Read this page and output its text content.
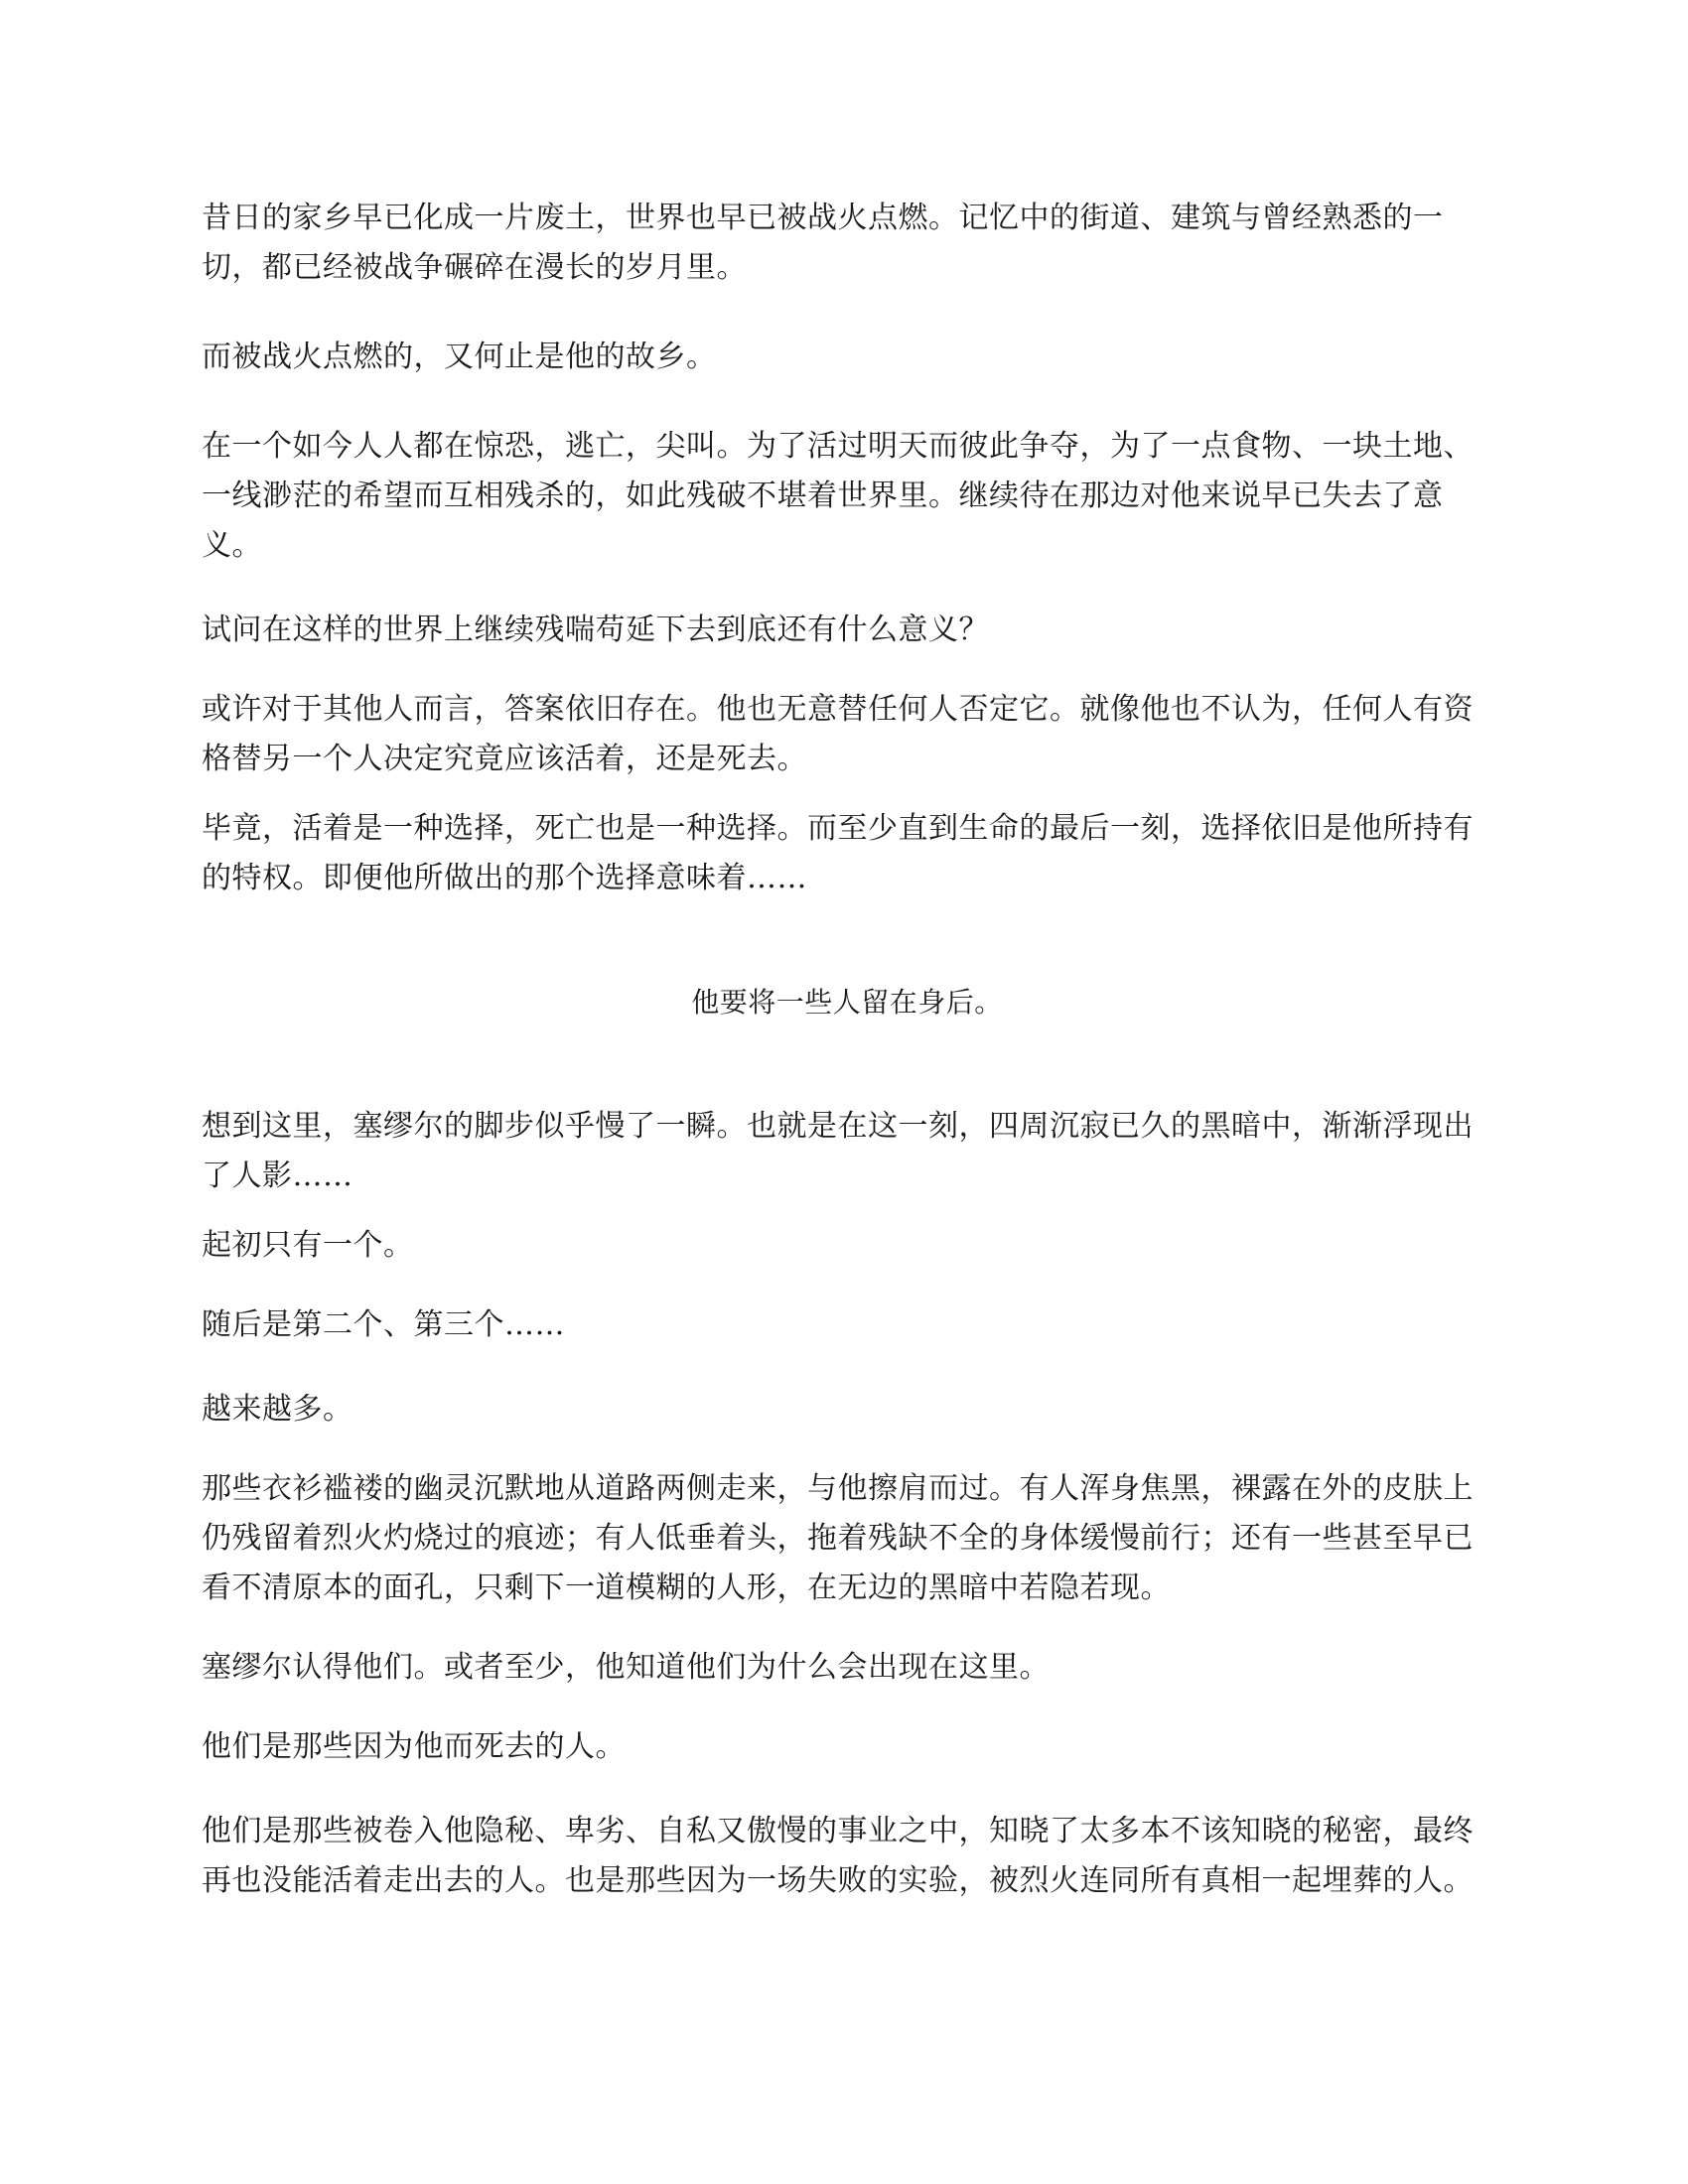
昔日的家乡早已化成一片废土，世界也早已被战火点燃。记忆中的街道、建筑与曾经熟悉的一
切，都已经被战争碾碎在漫长的岁月里。

而被战火点燃的，又何止是他的故乡。

在一个如今人人都在惊恐，逃亡，尖叫。为了活过明天而彼此争夺，为了一点食物、一块土地、
一线渺茫的希望而互相残杀的，如此残破不堪着世界里。继续待在那边对他来说早已失去了意
义。

试问在这样的世界上继续残喘苟延下去到底还有什么意义？

或许对于其他人而言，答案依旧存在。他也无意替任何人否定它。就像他也不认为，任何人有资
格替另一个人决定究竟应该活着，还是死去。

毕竟，活着是一种选择，死亡也是一种选择。而至少直到生命的最后一刻，选择依旧是他所持有
的特权。即便他所做出的那个选择意味着……

他要将一些人留在身后。

想到这里，塞缪尔的脚步似乎慢了一瞬。也就是在这一刻，四周沉寂已久的黑暗中，渐渐浮现出
了人影……

起初只有一个。

随后是第二个、第三个……

越来越多。

那些衣衫褴褛的幽灵沉默地从道路两侧走来，与他擦肩而过。有人浑身焦黑，裸露在外的皮肤上
仍残留着烈火灼烧过的痕迹；有人低垂着头，拖着残缺不全的身体缓慢前行；还有一些甚至早已
看不清原本的面孔，只剩下一道模糊的人形，在无边的黑暗中若隐若现。

塞缪尔认得他们。或者至少，他知道他们为什么会出现在这里。

他们是那些因为他而死去的人。

他们是那些被卷入他隐秘、卑劣、自私又傲慢的事业之中，知晓了太多本不该知晓的秘密，最终
再也没能活着走出去的人。也是那些因为一场失败的实验，被烈火连同所有真相一起埋葬的人。
